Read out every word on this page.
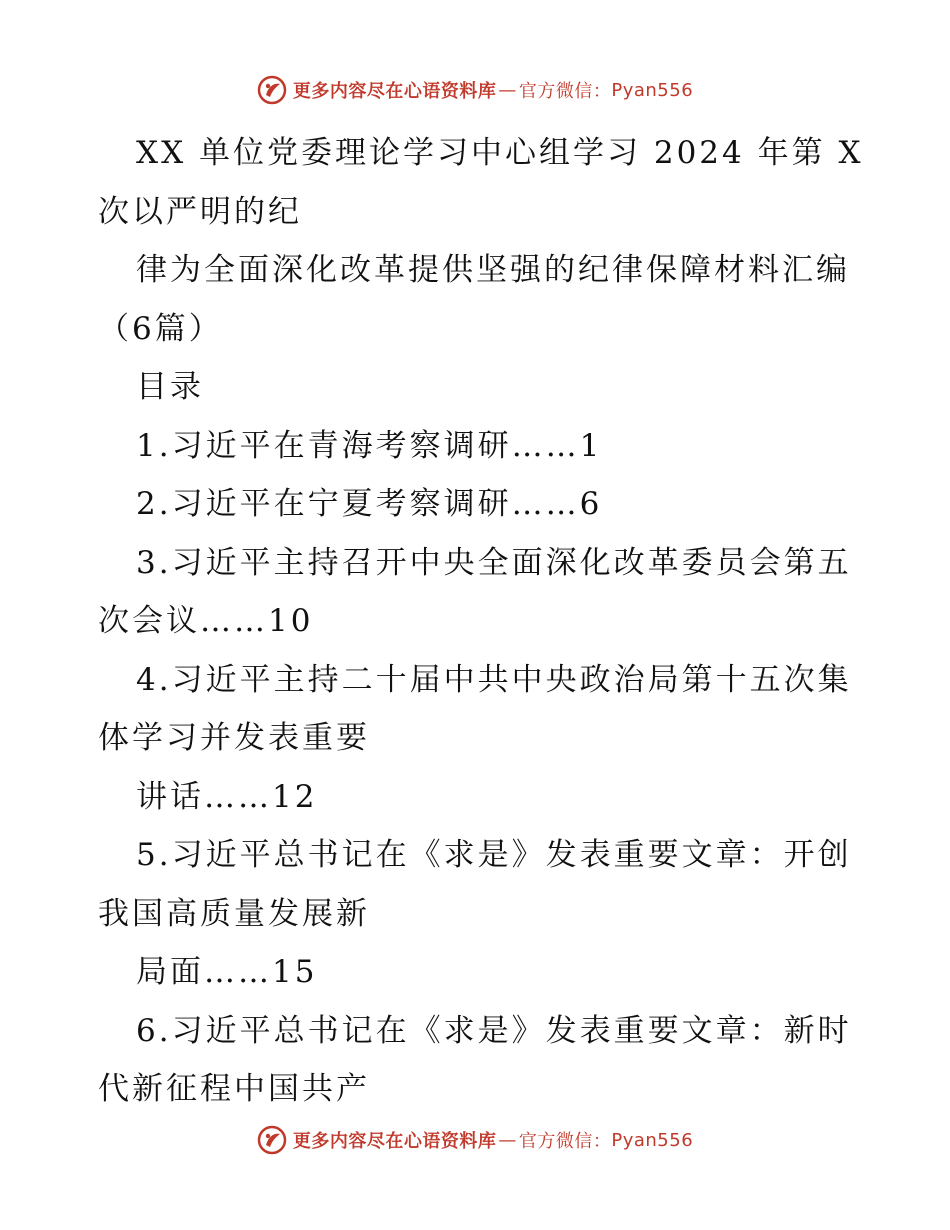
更多内容尽在心语资料库 — 官方微信： Pyan556
XX 单位党委理论学习中心组学习 2024 年第 X
次以严明的纪
律为全面深化改革提供坚强的纪律保障材料汇编
（6篇）
目录
1.习近平在青海考察调研……1
2.习近平在宁夏考察调研……6
3.习近平主持召开中央全面深化改革委员会第五
次会议……10
4.习近平主持二十届中共中央政治局第十五次集
体学习并发表重要
讲话……12
5.习近平总书记在《求是》发表重要文章：开创
我国高质量发展新
局面……15
6.习近平总书记在《求是》发表重要文章：新时
代新征程中国共产
更多内容尽在心语资料库 — 官方微信： Pyan556
